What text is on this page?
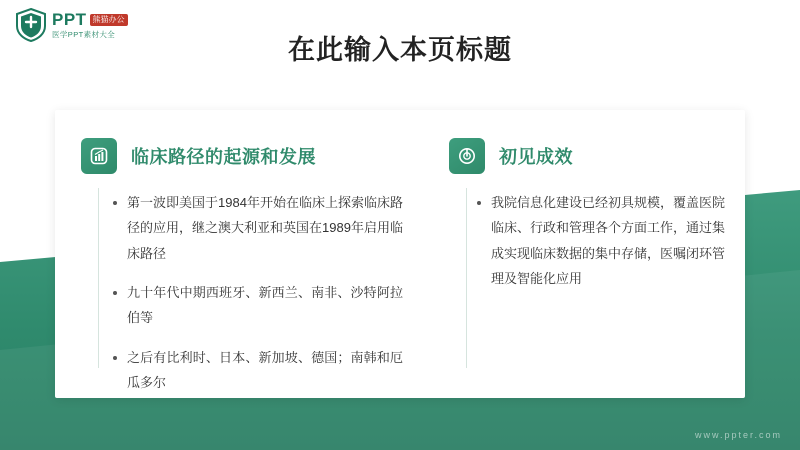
PPT 熊猫办公
医学PPT素材大全
在此输入本页标题
临床路径的起源和发展
第一波即美国于1984年开始在临床上探索临床路径的应用，继之澳大利亚和英国在1989年启用临床路径
九十年代中期西班牙、新西兰、南非、沙特阿拉伯等
之后有比利时、日本、新加坡、德国；南韩和厄瓜多尔
初见成效
我院信息化建设已经初具规模，覆盖医院临床、行政和管理各个方面工作，通过集成实现临床数据的集中存储，医嘱闭环管理及智能化应用
www.ppter.com
